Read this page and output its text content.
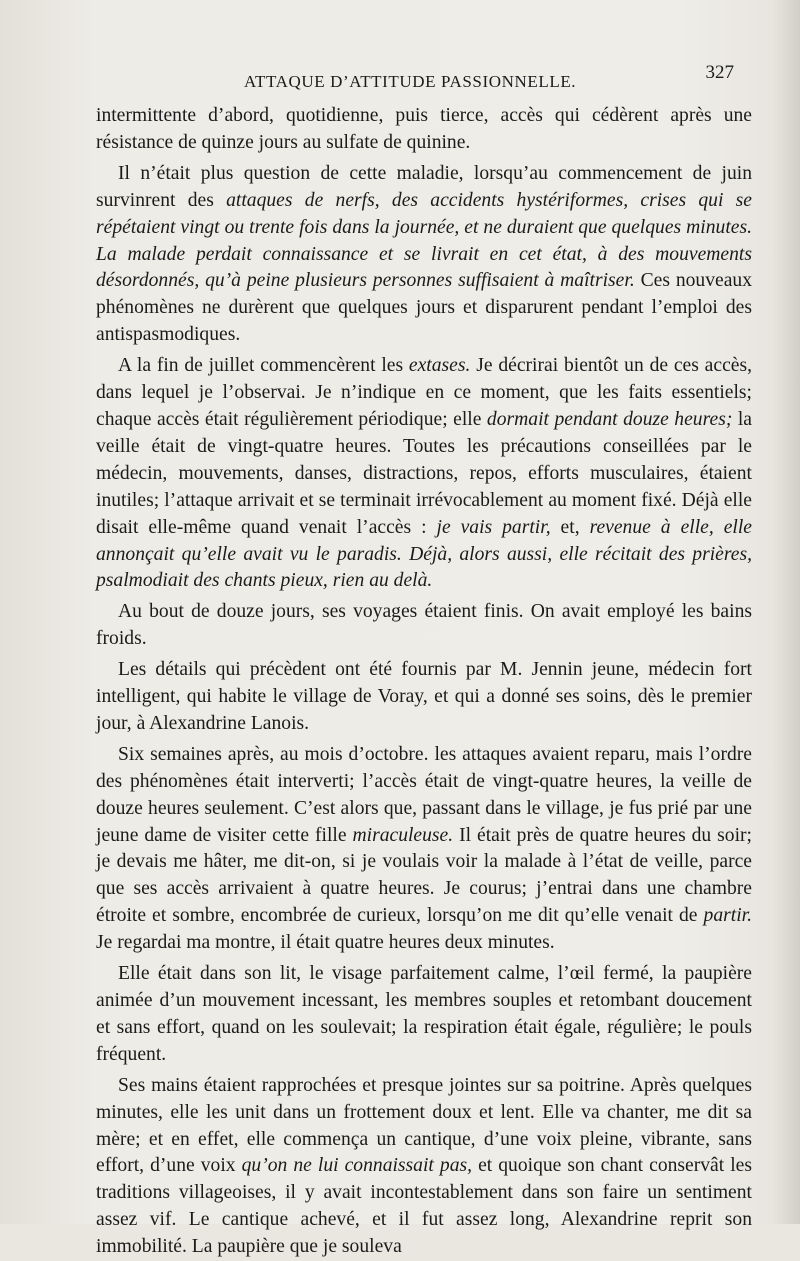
ATTAQUE D’ATTITUDE PASSIONNELLE.	327

intermittente d’abord, quotidienne, puis tierce, accès qui cédèrent après une résistance de quinze jours au sulfate de quinine.

Il n’était plus question de cette maladie, lorsqu’au commencement de juin survinrent des attaques de nerfs, des accidents hystériformes, crises qui se répétaient vingt ou trente fois dans la journée, et ne duraient que quelques minutes. La malade perdait connaissance et se livrait en cet état, à des mouvements désordonnés, qu’à peine plusieurs personnes suffisaient à maîtriser. Ces nouveaux phénomènes ne durèrent que quelques jours et disparurent pendant l’emploi des antispasmodiques.

A la fin de juillet commencèrent les extases. Je décrirai bientôt un de ces accès, dans lequel je l’observai. Je n’indique en ce moment, que les faits essentiels; chaque accès était régulièrement périodique; elle dormait pendant douze heures; la veille était de vingt-quatre heures. Toutes les précautions conseillées par le médecin, mouvements, danses, distractions, repos, efforts musculaires, étaient inutiles; l’attaque arrivait et se terminait irrévocablement au moment fixé. Déjà elle disait elle-même quand venait l’accès : je vais partir, et, revenue à elle, elle annonçait qu’elle avait vu le paradis. Déjà, alors aussi, elle récitait des prières, psalmodiait des chants pieux, rien au delà.

Au bout de douze jours, ses voyages étaient finis. On avait employé les bains froids.

Les détails qui précèdent ont été fournis par M. Jennin jeune, médecin fort intelligent, qui habite le village de Voray, et qui a donné ses soins, dès le premier jour, à Alexandrine Lanois.

Six semaines après, au mois d’octobre. les attaques avaient reparu, mais l’ordre des phénomènes était interverti; l’accès était de vingt-quatre heures, la veille de douze heures seulement. C’est alors que, passant dans le village, je fus prié par une jeune dame de visiter cette fille miraculeuse. Il était près de quatre heures du soir; je devais me hâter, me dit-on, si je voulais voir la malade à l’état de veille, parce que ses accès arrivaient à quatre heures. Je courus; j’entrai dans une chambre étroite et sombre, encombrée de curieux, lorsqu’on me dit qu’elle venait de partir. Je regardai ma montre, il était quatre heures deux minutes.

Elle était dans son lit, le visage parfaitement calme, l’œil fermé, la paupière animée d’un mouvement incessant, les membres souples et retombant doucement et sans effort, quand on les soulevait; la respiration était égale, régulière; le pouls fréquent.

Ses mains étaient rapprochées et presque jointes sur sa poitrine. Après quelques minutes, elle les unit dans un frottement doux et lent. Elle va chanter, me dit sa mère; et en effet, elle commença un cantique, d’une voix pleine, vibrante, sans effort, d’une voix qu’on ne lui connaissait pas, et quoique son chant conservât les traditions villageoises, il y avait incontestablement dans son faire un sentiment assez vif. Le cantique achevé, et il fut assez long, Alexandrine reprit son immobilité. La paupière que je souleva
